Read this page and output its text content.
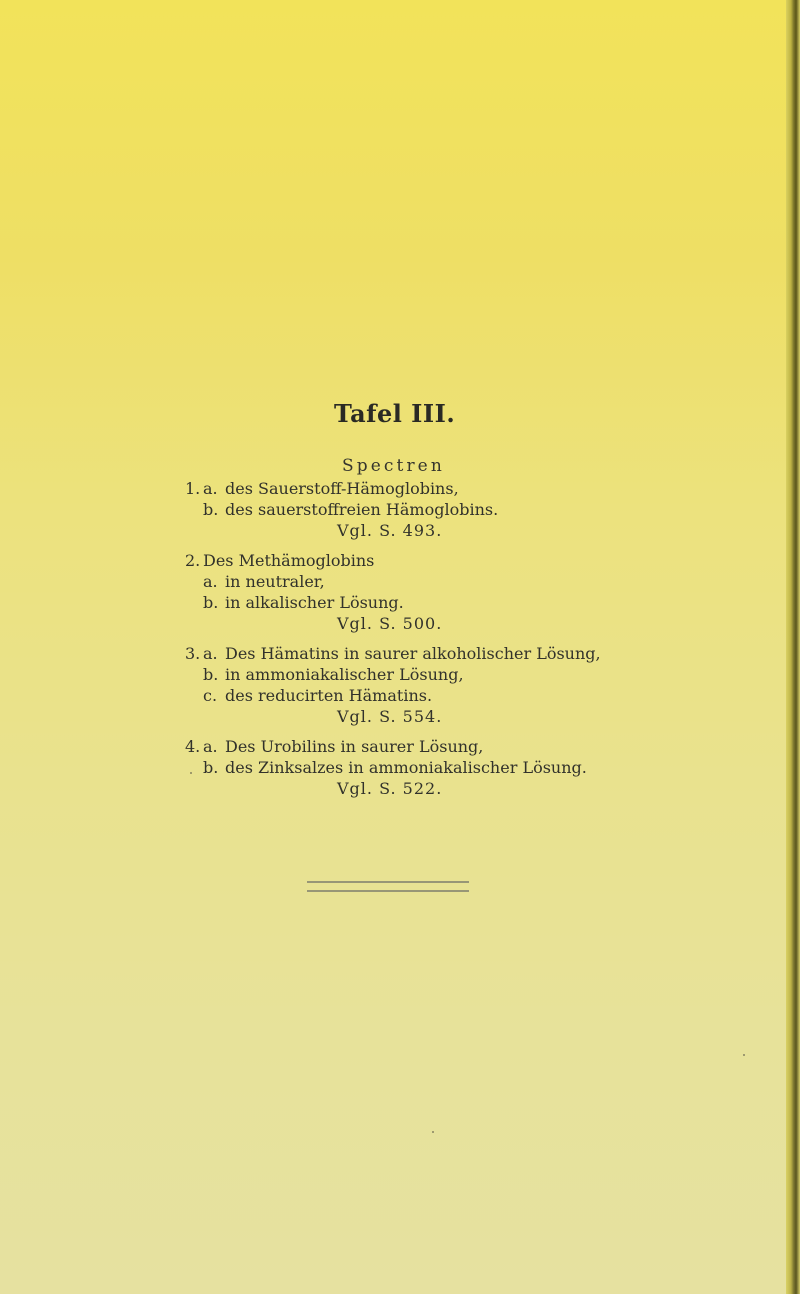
Tafel III.
Spectren
1. a. des Sauerstoff-Hämoglobins,
b. des sauerstoffreien Hämoglobins.
Vgl. S. 493.
2. Des Methämoglobins
a. in neutraler,
b. in alkalischer Lösung.
Vgl. S. 500.
3. a. Des Hämatins in saurer alkoholischer Lösung,
b. in ammoniakalischer Lösung,
c. des reducirten Hämatins.
Vgl. S. 554.
4. a. Des Urobilins in saurer Lösung,
b. des Zinksalzes in ammoniakalischer Lösung.
Vgl. S. 522.
